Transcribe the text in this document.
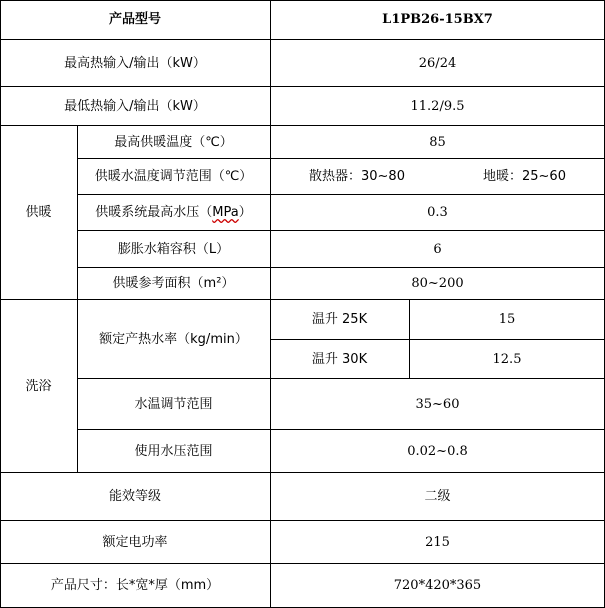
产品型号	L1PB26-15BX7
最高热输入/输出（kW）	26/24
最低热输入/输出（kW）	11.2/9.5
供暖
最高供暖温度（℃）	85
供暖水温度调节范围（℃）	散热器：30~80	地暖：25~60
供暖系统最高水压（ MPa ）	0.3
膨胀水箱容积（L）	6
供暖参考面积（m²）	80~200
洗浴
额定产热水率（kg/min）
温升 25K	15
温升 30K	12.5
水温调节范围	35~60
使用水压范围	0.02~0.8
能效等级	二级
额定电功率	215
产品尺寸：长*宽*厚（mm）	720*420*365
